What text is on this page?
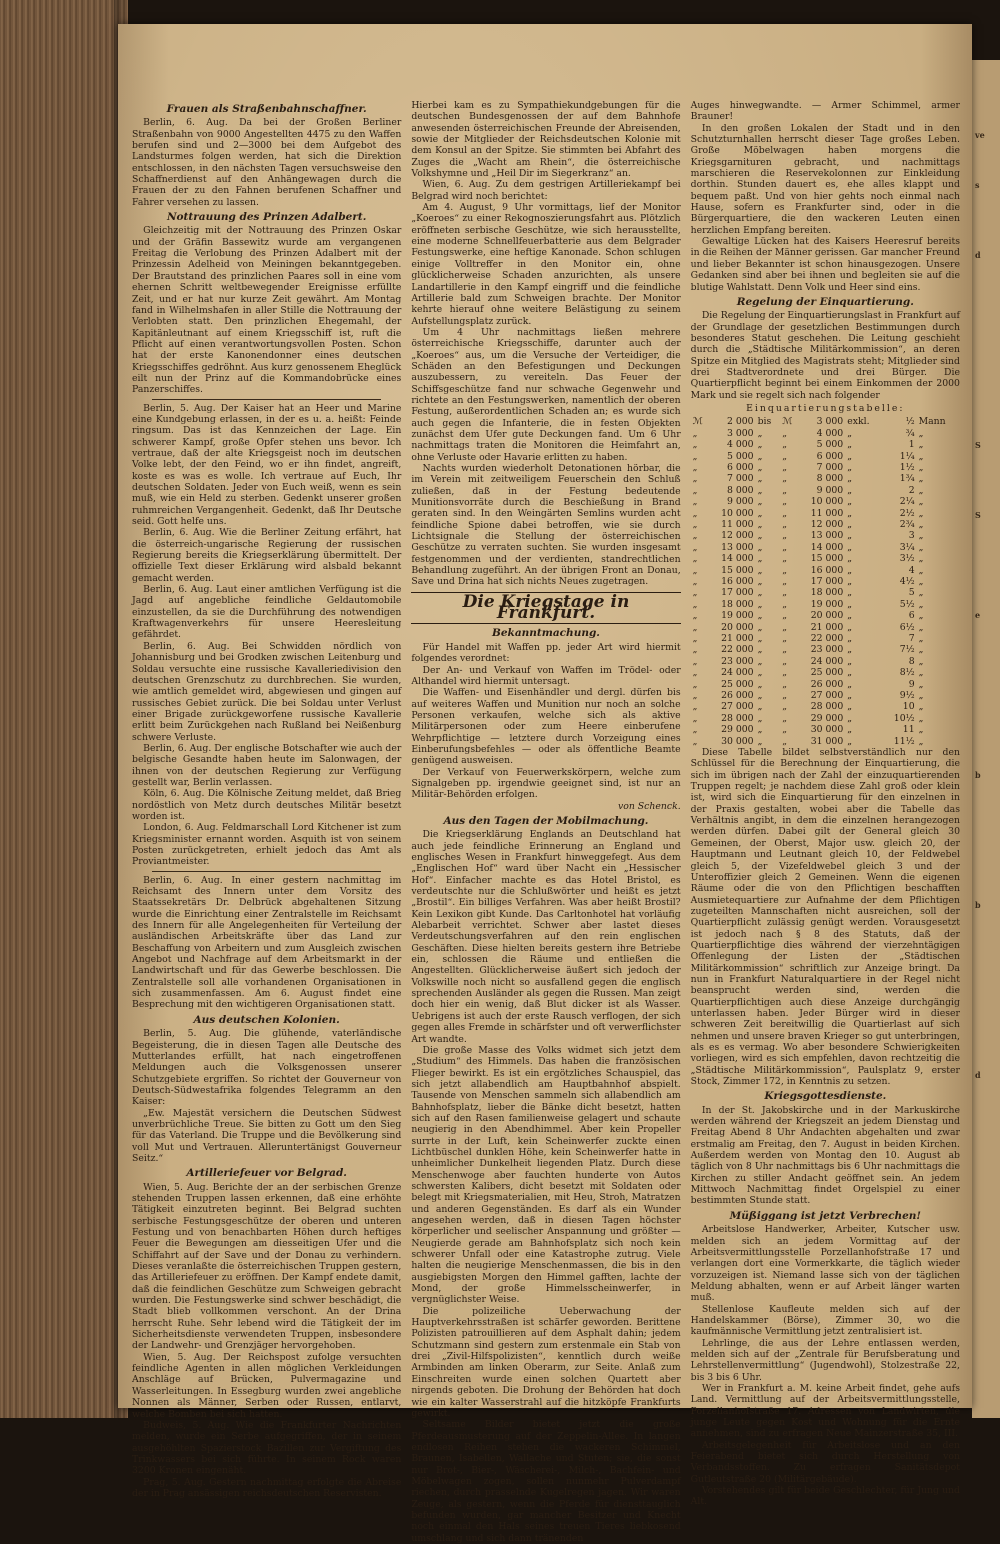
ve
s
d
S
S
e
b
b
d
Frauen als Straßenbahnschaffner.

Berlin, 6. Aug. Da bei der Großen Berliner Straßenbahn von 9000 Angestellten 4475 zu den Waffen berufen sind und 2—3000 bei dem Aufgebot des Landsturmes folgen werden, hat sich die Direktion entschlossen, in den nächsten Tagen versuchsweise den Schaffnerdienst auf den Anhängewagen durch die Frauen der zu den Fahnen berufenen Schaffner und Fahrer versehen zu lassen.

Nottrauung des Prinzen Adalbert.

Gleichzeitig mit der Nottrauung des Prinzen Oskar und der Gräfin Bassewitz wurde am vergangenen Freitag die Verlobung des Prinzen Adalbert mit der Prinzessin Adelheid von Meiningen bekanntgegeben. Der Brautstand des prinzlichen Paares soll in eine vom ehernen Schritt weltbewegender Ereignisse erfüllte Zeit, und er hat nur kurze Zeit gewährt. Am Montag fand in Wilhelmshafen in aller Stille die Nottrauung der Verlobten statt. Den prinzlichen Ehegemahl, der Kapitänleutnant auf einem Kriegsschiff ist, ruft die Pflicht auf einen verantwortungsvollen Posten. Schon hat der erste Kanonendonner eines deutschen Kriegsschiffes gedröhnt. Aus kurz genossenem Eheglück eilt nun der Prinz auf die Kommandobrücke eines Panzerschiffes.

Berlin, 5. Aug. Der Kaiser hat an Heer und Marine eine Kundgebung erlassen, in der es u. a. heißt: Feinde ringsum. Das ist das Kennzeichen der Lage. Ein schwerer Kampf, große Opfer stehen uns bevor. Ich vertraue, daß der alte Kriegsgeist noch im deutschen Volke lebt, der den Feind, wo er ihn findet, angreift, koste es was es wolle. Ich vertraue auf Euch, Ihr deutschen Soldaten. Jeder von Euch weiß, wenn es sein muß, wie ein Held zu sterben. Gedenkt unserer großen ruhmreichen Vergangenheit. Gedenkt, daß Ihr Deutsche seid. Gott helfe uns.

Berlin, 6. Aug. Wie die Berliner Zeitung erfährt, hat die österreich-ungarische Regierung der russischen Regierung bereits die Kriegserklärung übermittelt. Der offizielle Text dieser Erklärung wird alsbald bekannt gemacht werden.

Berlin, 6. Aug. Laut einer amtlichen Verfügung ist die Jagd auf angebliche feindliche Geldautomobile einzustellen, da sie die Durchführung des notwendigen Kraftwagenverkehrs für unsere Heeresleitung gefährdet.

Berlin, 6. Aug. Bei Schwidden nördlich von Johannisburg und bei Grodken zwischen Leitenburg und Soldau versuchte eine russische Kavalleriedivision den deutschen Grenzschutz zu durchbrechen. Sie wurden, wie amtlich gemeldet wird, abgewiesen und gingen auf russisches Gebiet zurück. Die bei Soldau unter Verlust einer Brigade zurückgeworfene russische Kavallerie erlitt beim Zurückgehen nach Rußland bei Neißenburg schwere Verluste.

Berlin, 6. Aug. Der englische Botschafter wie auch der belgische Gesandte haben heute im Salonwagen, der ihnen von der deutschen Regierung zur Verfügung gestellt war, Berlin verlassen.

Köln, 6. Aug. Die Kölnische Zeitung meldet, daß Brieg nordöstlich von Metz durch deutsches Militär besetzt worden ist.

London, 6. Aug. Feldmarschall Lord Kitchener ist zum Kriegsminister ernannt worden. Asquith ist von seinem Posten zurückgetreten, erhielt jedoch das Amt als Proviantmeister.

Berlin, 6. Aug. In einer gestern nachmittag im Reichsamt des Innern unter dem Vorsitz des Staatssekretärs Dr. Delbrück abgehaltenen Sitzung wurde die Einrichtung einer Zentralstelle im Reichsamt des Innern für alle Angelegenheiten für Verteilung der ausländischen Arbeitskräfte über das Land zur Beschaffung von Arbeitern und zum Ausgleich zwischen Angebot und Nachfrage auf dem Arbeitsmarkt in der Landwirtschaft und für das Gewerbe beschlossen. Die Zentralstelle soll alle vorhandenen Organisationen in sich zusammenfassen. Am 6. August findet eine Besprechung mit den wichtigeren Organisationen statt.

Aus deutschen Kolonien.

Berlin, 5. Aug. Die glühende, vaterländische Begeisterung, die in diesen Tagen alle Deutsche des Mutterlandes erfüllt, hat nach eingetroffenen Meldungen auch die Volksgenossen unserer Schutzgebiete ergriffen. So richtet der Gouverneur von Deutsch-Südwestafrika folgendes Telegramm an den Kaiser:

„Ew. Majestät versichern die Deutschen Südwest unverbrüchliche Treue. Sie bitten zu Gott um den Sieg für das Vaterland. Die Truppe und die Bevölkerung sind voll Mut und Vertrauen. Alleruntertänigst Gouverneur Seitz.“

Artilleriefeuer vor Belgrad.

Wien, 5. Aug. Berichte der an der serbischen Grenze stehenden Truppen lassen erkennen, daß eine erhöhte Tätigkeit einzutreten beginnt. Bei Belgrad suchten serbische Festungsgeschütze der oberen und unteren Festung und von benachbarten Höhen durch heftiges Feuer die Bewegungen am diesseitigen Ufer und die Schiffahrt auf der Save und der Donau zu verhindern. Dieses veranlaßte die österreichischen Truppen gestern, das Artilleriefeuer zu eröffnen. Der Kampf endete damit, daß die feindlichen Geschütze zum Schweigen gebracht wurden. Die Festungswerke sind schwer beschädigt, die Stadt blieb vollkommen verschont. An der Drina herrscht Ruhe. Sehr lebend wird die Tätigkeit der im Sicherheitsdienste verwendeten Truppen, insbesondere der Landwehr- und Grenzjäger hervorgehoben.

Wien, 5. Aug. Der Reichspost zufolge versuchten feindliche Agenten in allen möglichen Verkleidungen Anschläge auf Brücken, Pulvermagazine und Wasserleitungen. In Essegburg wurden zwei angebliche Nonnen als Männer, Serben oder Russen, entlarvt, welche Bomben bei sich hatten.

Budweis, 5. Aug. Wie die Frankfurter Nachrichten melden, wurde ein Serbe aufgegriffen, der in seinem ausgehöhlten Spazierstock Bazillen zur Vergiftung des Trinkwassers bei sich führte. In seinem Rock waren 3200 Kronen eingenäht.

Prag, 5. Aug. Gestern nachmittag erfolgte die Abreise der in Prag ansässigen reichsdeutschen Reservisten.

Hierbei kam es zu Sympathiekundgebungen für die deutschen Bundesgenossen der auf dem Bahnhofe anwesenden österreichischen Freunde der Abreisenden, sowie der Mitglieder der Reichsdeutschen Kolonie mit dem Konsul an der Spitze. Sie stimmten bei Abfahrt des Zuges die „Wacht am Rhein“, die österreichische Volkshymne und „Heil Dir im Siegerkranz“ an.

Wien, 6. Aug. Zu dem gestrigen Artilleriekampf bei Belgrad wird noch berichtet:

Am 4. August, 9 Uhr vormittags, lief der Monitor „Koeroes“ zu einer Rekognoszierungsfahrt aus. Plötzlich eröffneten serbische Geschütze, wie sich herausstellte, eine moderne Schnellfeuerbatterie aus dem Belgrader Festungswerke, eine heftige Kanonade. Schon schlugen einige Volltreffer in den Monitor ein, ohne glücklicherweise Schaden anzurichten, als unsere Landartillerie in den Kampf eingriff und die feindliche Artillerie bald zum Schweigen brachte. Der Monitor kehrte hierauf ohne weitere Belästigung zu seinem Aufstellungsplatz zurück.

Um 4 Uhr nachmittags ließen mehrere österreichische Kriegsschiffe, darunter auch der „Koeroes“ aus, um die Versuche der Verteidiger, die Schäden an den Befestigungen und Deckungen auszubessern, zu vereiteln. Das Feuer der Schiffsgeschütze fand nur schwache Gegenwehr und richtete an den Festungswerken, namentlich der oberen Festung, außerordentlichen Schaden an; es wurde sich auch gegen die Infanterie, die in festen Objekten zunächst dem Ufer gute Deckungen fand. Um 6 Uhr nachmittags traten die Monitoren die Heimfahrt an, ohne Verluste oder Havarie erlitten zu haben.

Nachts wurden wiederholt Detonationen hörbar, die im Verein mit zeitweiligem Feuerschein den Schluß zuließen, daß in der Festung bedeutende Munitionsvorräte durch die Beschießung in Brand geraten sind. In den Weingärten Semlins wurden acht feindliche Spione dabei betroffen, wie sie durch Lichtsignale die Stellung der österreichischen Geschütze zu verraten suchten. Sie wurden insgesamt festgenommen und der verdienten, standrechtlichen Behandlung zugeführt. An der übrigen Front an Donau, Save und Drina hat sich nichts Neues zugetragen.

Die Kriegstage in Frankfurt.
Bekanntmachung.

Für Handel mit Waffen pp. jeder Art wird hiermit folgendes verordnet:

Der An- und Verkauf von Waffen im Trödel- oder Althandel wird hiermit untersagt.

Die Waffen- und Eisenhändler und dergl. dürfen bis auf weiteres Waffen und Munition nur noch an solche Personen verkaufen, welche sich als aktive Militärpersonen oder zum Heere einberufene Wehrpflichtige — letztere durch Vorzeigung eines Einberufungsbefehles — oder als öffentliche Beamte genügend ausweisen.

Der Verkauf von Feuerwerkskörpern, welche zum Signalgeben pp. irgendwie geeignet sind, ist nur an Militär-Behörden erfolgen.

von Schenck.
Aus den Tagen der Mobilmachung.

Die Kriegserklärung Englands an Deutschland hat auch jede feindliche Erinnerung an England und englisches Wesen in Frankfurt hinweggefegt. Aus dem „Englischen Hof“ ward über Nacht ein „Hessischer Hof“. Einfacher machte es das Hotel Bristol, es verdeutschte nur die Schlußwörter und heißt es jetzt „Brostil“. Ein billiges Verfahren. Was aber heißt Brostil? Kein Lexikon gibt Kunde. Das Carltonhotel hat vorläufig Alebarbeit verrichtet. Schwer aber lastet dieses Verdeutschungsverfahren auf den rein englischen Geschäften. Diese hielten bereits gestern ihre Betriebe ein, schlossen die Räume und entließen die Angestellten. Glücklicherweise äußert sich jedoch der Volkswille noch nicht so ausfallend gegen die englisch sprechenden Ausländer als gegen die Russen. Man zeigt doch hier ein wenig, daß Blut dicker ist als Wasser. Uebrigens ist auch der erste Rausch verflogen, der sich gegen alles Fremde in schärfster und oft verwerflichster Art wandte.

Die große Masse des Volks widmet sich jetzt dem „Studium“ des Himmels. Das haben die französischen Flieger bewirkt. Es ist ein ergötzliches Schauspiel, das sich jetzt allabendlich am Hauptbahnhof abspielt. Tausende von Menschen sammeln sich allabendlich am Bahnhofsplatz, lieber die Bänke dicht besetzt, hatten sich auf den Rasen familienweise gelagert und schaute neugierig in den Abendhimmel. Aber kein Propeller surrte in der Luft, kein Scheinwerfer zuckte einen Lichtbüschel dunklen Höhe, kein Scheinwerfer hatte in unheimlicher Dunkelheit liegenden Platz. Durch diese Menschenwoge aber fauchten hunderte von Autos schwersten Kalibers, dicht besetzt mit Soldaten oder belegt mit Kriegsmaterialien, mit Heu, Stroh, Matratzen und anderen Gegenständen. Es darf als ein Wunder angesehen werden, daß in diesen Tagen höchster körperlicher und seelischer Anspannung und größter — Neugierde gerade am Bahnhofsplatz sich noch kein schwerer Unfall oder eine Katastrophe zutrug. Viele halten die neugierige Menschenmassen, die bis in den ausgiebigsten Morgen den Himmel gafften, lachte der Mond, der große Himmelsscheinwerfer, in vergnüglichster Weise.

Die polizeiliche Ueberwachung der Hauptverkehrsstraßen ist schärfer geworden. Berittene Polizisten patrouillieren auf dem Asphalt dahin; jedem Schutzmann sind gestern zum erstenmale ein Stab von drei „Zivil-Hilfspolizisten“, kenntlich durch weiße Armbinden am linken Oberarm, zur Seite. Anlaß zum Einschreiten wurde einen solchen Quartett aber nirgends geboten. Die Drohung der Behörden hat doch wie ein kalter Wasserstrahl auf die hitzköpfe Frankfurts gewirkt.

Seltsame Bilder bietet jetzt die große Pferdeausmusterung auf der Zeppelin-Allee. In langen endlosen Reihen stehen die wackeren Schimmel, Braunen, Isabellen, Wallache und Stuten; sie, die sonst nur Brot-, Bier-, Wäscherei-, Milch-, Bachfein- und Möbelwagen zogen, sollen nunmehr Pulverdampf riechen, durch prasselnde Kugelregen jagen. Wir waren Zeuge, als gestern, wenn die Pferde für diensttauglich befunden wurden, gar mancher Besitzer und Knecht noch einmal den Hals seines treuen Tieres liebkosend umschlang und sich dann tränenden

Auges hinwegwandte. — Armer Schimmel, armer Brauner!

In den großen Lokalen der Stadt und in den Schutzturnhallen herrscht dieser Tage großes Leben. Große Möbelwagen haben morgens die Kriegsgarnituren gebracht, und nachmittags marschieren die Reservekolonnen zur Einkleidung dorthin. Stunden dauert es, ehe alles klappt und bequem paßt. Und von hier gehts noch einmal nach Hause, sofern es Frankfurter sind, oder in die Bürgerquartiere, die den wackeren Leuten einen herzlichen Empfang bereiten.

Gewaltige Lücken hat des Kaisers Heeresruf bereits in die Reihen der Männer gerissen. Gar mancher Freund und lieber Bekannter ist schon hinausgezogen. Unsere Gedanken sind aber bei ihnen und begleiten sie auf die blutige Wahlstatt. Denn Volk und Heer sind eins.

Regelung der Einquartierung.

Die Regelung der Einquartierungslast in Frankfurt auf der Grundlage der gesetzlichen Bestimmungen durch besonderes Statut geschehen. Die Leitung geschieht durch die „Städtische Militärkommission“, an deren Spitze ein Mitglied des Magistrats steht; Mitglieder sind drei Stadtverordnete und drei Bürger. Die Quartierpflicht beginnt bei einem Einkommen der 2000 Mark und sie regelt sich nach folgender

Einquartierungstabelle:
ℳ	2 000	bis	ℳ	3 000	exkl.	½	Mann
„	3 000	„	„	4 000	„	¾	„
„	4 000	„	„	5 000	„	1	„
„	5 000	„	„	6 000	„	1¼	„
„	6 000	„	„	7 000	„	1½	„
„	7 000	„	„	8 000	„	1¾	„
„	8 000	„	„	9 000	„	2	„
„	9 000	„	„	10 000	„	2¼	„
„	10 000	„	„	11 000	„	2½	„
„	11 000	„	„	12 000	„	2¾	„
„	12 000	„	„	13 000	„	3	„
„	13 000	„	„	14 000	„	3¼	„
„	14 000	„	„	15 000	„	3½	„
„	15 000	„	„	16 000	„	4	„
„	16 000	„	„	17 000	„	4½	„
„	17 000	„	„	18 000	„	5	„
„	18 000	„	„	19 000	„	5½	„
„	19 000	„	„	20 000	„	6	„
„	20 000	„	„	21 000	„	6½	„
„	21 000	„	„	22 000	„	7	„
„	22 000	„	„	23 000	„	7½	„
„	23 000	„	„	24 000	„	8	„
„	24 000	„	„	25 000	„	8½	„
„	25 000	„	„	26 000	„	9	„
„	26 000	„	„	27 000	„	9½	„
„	27 000	„	„	28 000	„	10	„
„	28 000	„	„	29 000	„	10½	„
„	29 000	„	„	30 000	„	11	„
„	30 000	„	„	31 000	„	11½	„

Diese Tabelle bildet selbstverständlich nur den Schlüssel für die Berechnung der Einquartierung, die sich im übrigen nach der Zahl der einzuquartierenden Truppen regelt; je nachdem diese Zahl groß oder klein ist, wird sich die Einquartierung für den einzelnen in der Praxis gestalten, wobei aber die Tabelle das Verhältnis angibt, in dem die einzelnen herangezogen werden dürfen. Dabei gilt der General gleich 30 Gemeinen, der Oberst, Major usw. gleich 20, der Hauptmann und Leutnant gleich 10, der Feldwebel gleich 5, der Vizefeldwebel gleich 3 und der Unteroffizier gleich 2 Gemeinen. Wenn die eigenen Räume oder die von den Pflichtigen beschafften Ausmietequartiere zur Aufnahme der dem Pflichtigen zugeteilten Mannschaften nicht ausreichen, soll der Quartierpflicht zulässig genügt werden. Vorausgesetzt ist jedoch nach § 8 des Statuts, daß der Quartierpflichtige dies während der vierzehntägigen Offenlegung der Listen der „Städtischen Militärkommission“ schriftlich zur Anzeige bringt. Da nun in Frankfurt Naturalquartiere in der Regel nicht beansprucht werden sind, werden die Quartierpflichtigen auch diese Anzeige durchgängig unterlassen haben. Jeder Bürger wird in dieser schweren Zeit bereitwillig die Quartierlast auf sich nehmen und unsere braven Krieger so gut unterbringen, als es es vermag. Wo aber besondere Schwierigkeiten vorliegen, wird es sich empfehlen, davon rechtzeitig die „Städtische Militärkommission“, Paulsplatz 9, erster Stock, Zimmer 172, in Kenntnis zu setzen.

Kriegsgottesdienste.

In der St. Jakobskirche und in der Markuskirche werden während der Kriegszeit an jedem Dienstag und Freitag Abend 8 Uhr Andachten abgehalten und zwar erstmalig am Freitag, den 7. August in beiden Kirchen. Außerdem werden von Montag den 10. August ab täglich von 8 Uhr nachmittags bis 6 Uhr nachmittags die Kirchen zu stiller Andacht geöffnet sein. An jedem Mittwoch Nachmittag findet Orgelspiel zu einer bestimmten Stunde statt.

Müßiggang ist jetzt Verbrechen!

Arbeitslose Handwerker, Arbeiter, Kutscher usw. melden sich an jedem Vormittag auf der Arbeitsvermittlungsstelle Porzellanhofstraße 17 und verlangen dort eine Vormerkkarte, die täglich wieder vorzuzeigen ist. Niemand lasse sich von der täglichen Meldung abhalten, wenn er auf Arbeit länger warten muß.

Stellenlose Kaufleute melden sich auf der Handelskammer (Börse), Zimmer 30, wo die kaufmännische Vermittlung jetzt zentralisiert ist.

Lehrlinge, die aus der Lehre entlassen werden, melden sich auf der „Zentrale für Berufsberatung und Lehrstellenvermittlung“ (Jugendwohl), Stolzestraße 22, bis 3 bis 6 Uhr.

Wer in Frankfurt a. M. keine Arbeit findet, gehe aufs Land. Vermittlung auf der Arbeitsvermittlungsstelle, Porzellanhofstraße 17. Adressen von Landwirten, die junge Leute gegen Kost und Wohnung für die Ernte annehmen, sind zu erfragen Neue Mainzerstraße 35, III.

Arbeitsgelegenheit für Arbeitslose und an den Feierabend bietet sich durch Herstellung von Verbandsstoffen. Zu erfragen Sanitätsdepot Gutleutstraße 20 (Militärgebäude).

Vorstehendes gilt für beide Geschlechter, für Jung und Alt.
